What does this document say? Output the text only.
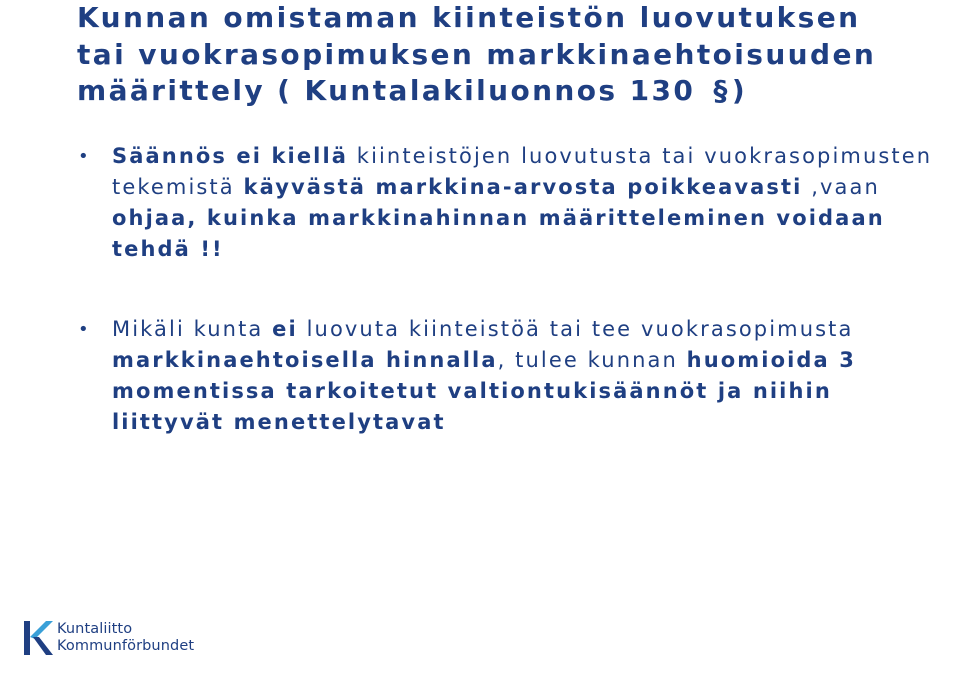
Kunnan omistaman kiinteistön luovutuksen
tai vuokrasopimuksen markkinaehtoisuuden
määrittely ( Kuntalakiluonnos 130 §)

• Säännös ei kiellä kiinteistöjen luovutusta tai vuokrasopimusten tekemistä käyvästä markkina-arvosta poikkeavasti ,vaan ohjaa, kuinka markkinahinnan määritteleminen voidaan tehdä !!

• Mikäli kunta ei luovuta kiinteistöä tai tee vuokrasopimusta markkinaehtoisella hinnalla, tulee kunnan huomioida 3 momentissa tarkoitetut valtiontukisäännöt ja niihin liittyvät menettelytavat

Kuntaliitto
Kommunförbundet
